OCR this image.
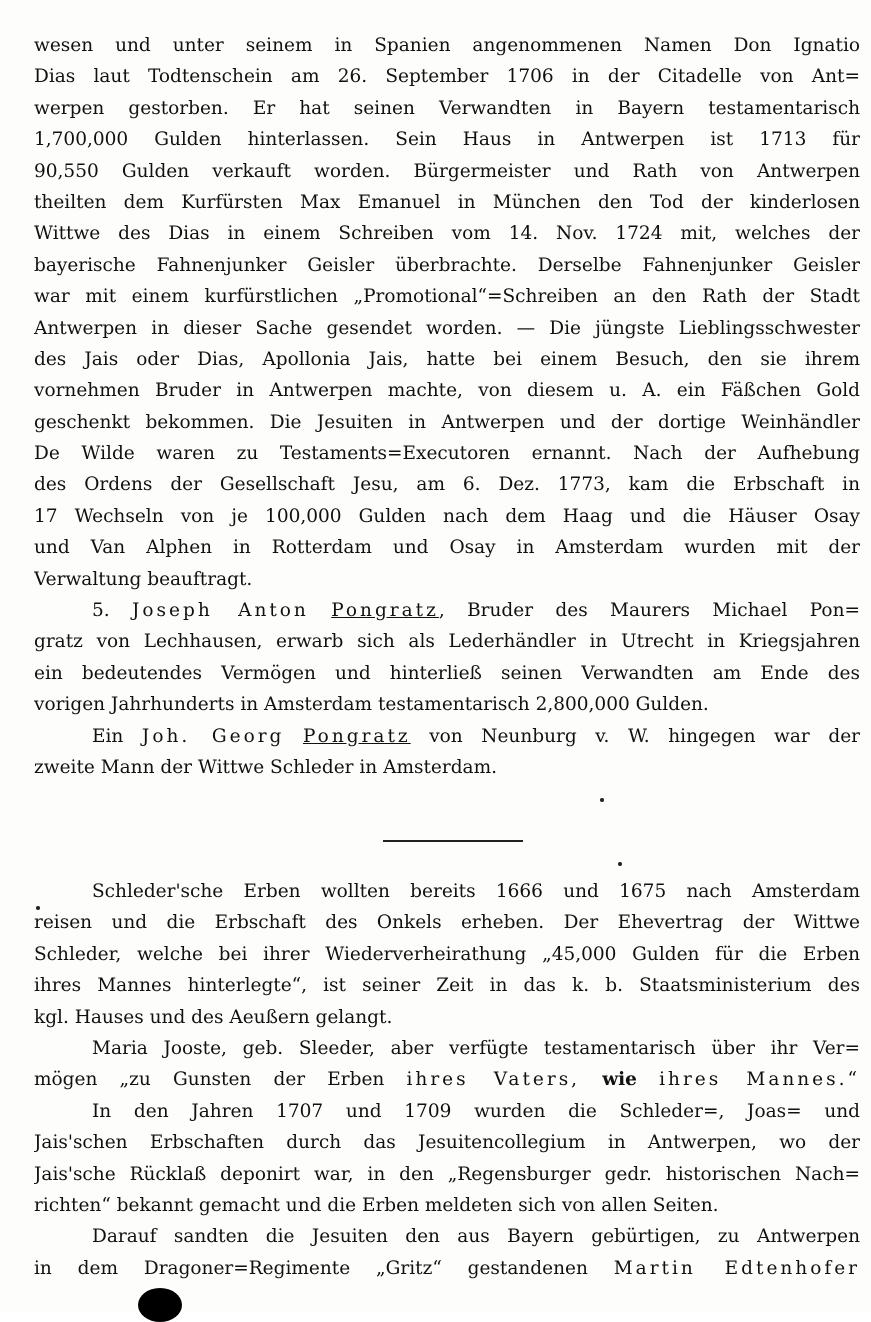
wesen und unter seinem in Spanien angenommenen Namen Don Ignatio
Dias laut Todtenschein am 26. September 1706 in der Citadelle von Ant=
werpen gestorben. Er hat seinen Verwandten in Bayern testamentarisch
1,700,000 Gulden hinterlassen. Sein Haus in Antwerpen ist 1713 für
90,550 Gulden verkauft worden. Bürgermeister und Rath von Antwerpen
theilten dem Kurfürsten Max Emanuel in München den Tod der kinderlosen
Wittwe des Dias in einem Schreiben vom 14. Nov. 1724 mit, welches der
bayerische Fahnenjunker Geisler überbrachte. Derselbe Fahnenjunker Geisler
war mit einem kurfürstlichen „Promotional“=Schreiben an den Rath der Stadt
Antwerpen in dieser Sache gesendet worden. — Die jüngste Lieblingsschwester
des Jais oder Dias, Apollonia Jais, hatte bei einem Besuch, den sie ihrem
vornehmen Bruder in Antwerpen machte, von diesem u. A. ein Fäßchen Gold
geschenkt bekommen. Die Jesuiten in Antwerpen und der dortige Weinhändler
De Wilde waren zu Testaments=Executoren ernannt. Nach der Aufhebung
des Ordens der Gesellschaft Jesu, am 6. Dez. 1773, kam die Erbschaft in
17 Wechseln von je 100,000 Gulden nach dem Haag und die Häuser Osay
und Van Alphen in Rotterdam und Osay in Amsterdam wurden mit der
Verwaltung beauftragt.
5. Joseph Anton Pongratz, Bruder des Maurers Michael Pon=
gratz von Lechhausen, erwarb sich als Lederhändler in Utrecht in Kriegsjahren
ein bedeutendes Vermögen und hinterließ seinen Verwandten am Ende des
vorigen Jahrhunderts in Amsterdam testamentarisch 2,800,000 Gulden.
Ein Joh. Georg Pongratz von Neunburg v. W. hingegen war der
zweite Mann der Wittwe Schleder in Amsterdam.
Schleder'sche Erben wollten bereits 1666 und 1675 nach Amsterdam
reisen und die Erbschaft des Onkels erheben. Der Ehevertrag der Wittwe
Schleder, welche bei ihrer Wiederverheirathung „45,000 Gulden für die Erben
ihres Mannes hinterlegte“, ist seiner Zeit in das k. b. Staatsministerium des
kgl. Hauses und des Aeußern gelangt.
Maria Jooste, geb. Sleeder, aber verfügte testamentarisch über ihr Ver=
mögen „zu Gunsten der Erben ihres Vaters, wie ihres Mannes.“
In den Jahren 1707 und 1709 wurden die Schleder=, Joas= und
Jais'schen Erbschaften durch das Jesuitencollegium in Antwerpen, wo der
Jais'sche Rücklaß deponirt war, in den „Regensburger gedr. historischen Nach=
richten“ bekannt gemacht und die Erben meldeten sich von allen Seiten.
Darauf sandten die Jesuiten den aus Bayern gebürtigen, zu Antwerpen
in dem Dragoner=Regimente „Gritz“ gestandenen Martin Edtenhofer
